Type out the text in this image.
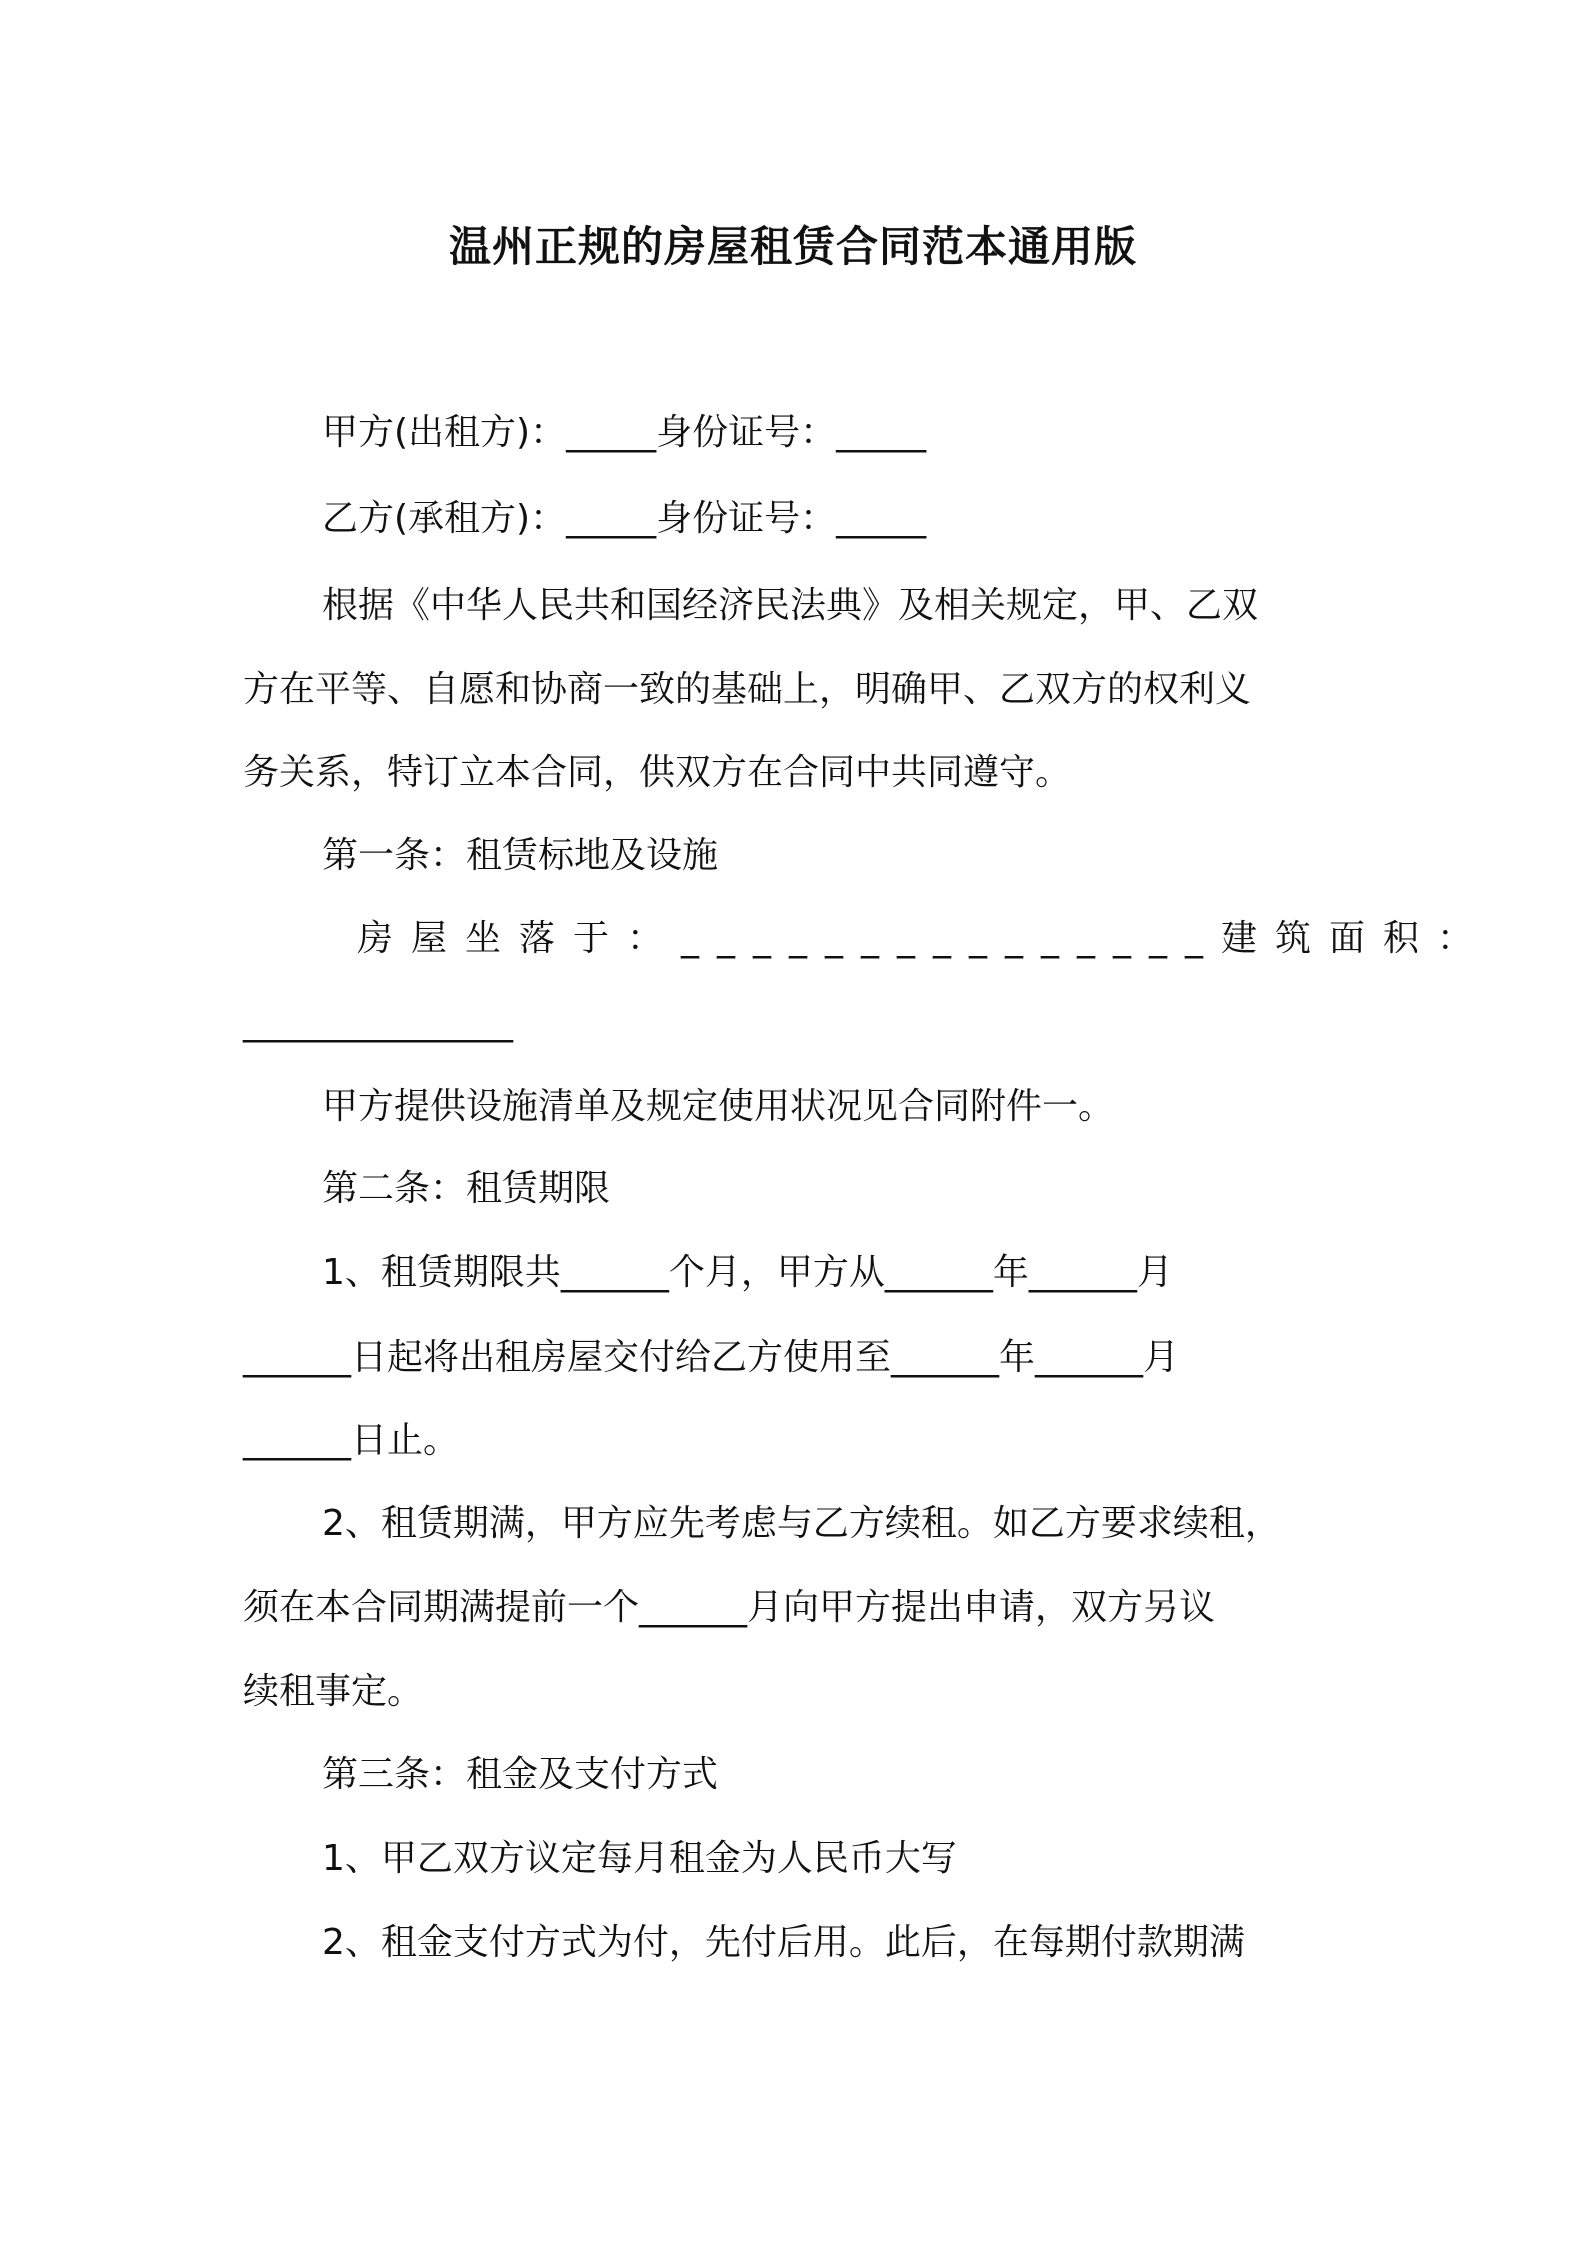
温州正规的房屋租赁合同范本通用版
甲方(出租方)：_____身份证号：_____
乙方(承租方)：_____身份证号：_____
根据《中华人民共和国经济民法典》及相关规定，甲、乙双
方在平等、自愿和协商一致的基础上，明确甲、乙双方的权利义
务关系，特订立本合同，供双方在合同中共同遵守。
第一条：租赁标地及设施
房屋坐落于：_______________建筑面积：
_______________
甲方提供设施清单及规定使用状况见合同附件一。
第二条：租赁期限
1、租赁期限共______个月，甲方从______年______月
______日起将出租房屋交付给乙方使用至______年______月
______日止。
2、租赁期满，甲方应先考虑与乙方续租。如乙方要求续租，
须在本合同期满提前一个______月向甲方提出申请，双方另议
续租事定。
第三条：租金及支付方式
1、甲乙双方议定每月租金为人民币大写
2、租金支付方式为付，先付后用。此后，在每期付款期满
